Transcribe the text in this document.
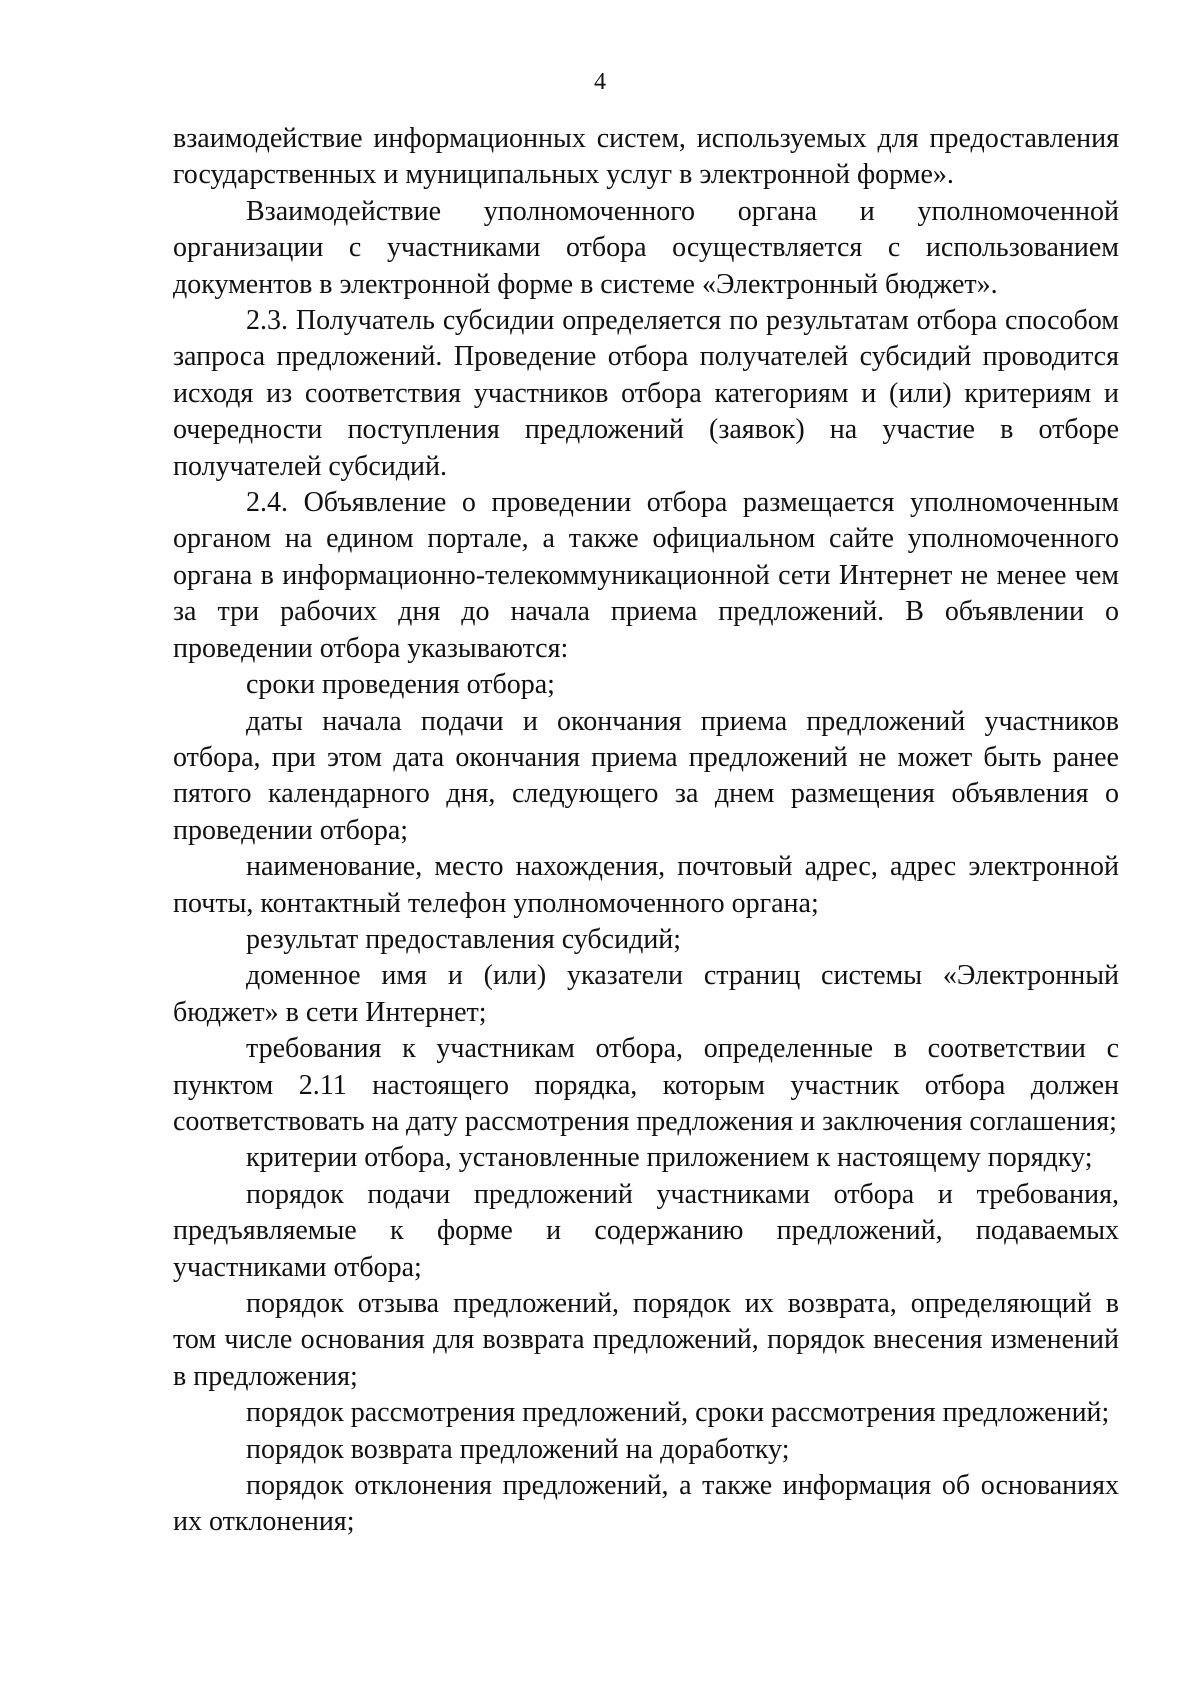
4

взаимодействие информационных систем, используемых для предоставления государственных и муниципальных услуг в электронной форме».

Взаимодействие уполномоченного органа и уполномоченной организации с участниками отбора осуществляется с использованием документов в электронной форме в системе «Электронный бюджет».

2.3. Получатель субсидии определяется по результатам отбора способом запроса предложений. Проведение отбора получателей субсидий проводится исходя из соответствия участников отбора категориям и (или) критериям и очередности поступления предложений (заявок) на участие в отборе получателей субсидий.

2.4. Объявление о проведении отбора размещается уполномоченным органом на едином портале, а также официальном сайте уполномоченного органа в информационно-телекоммуникационной сети Интернет не менее чем за три рабочих дня до начала приема предложений. В объявлении о проведении отбора указываются:

сроки проведения отбора;

даты начала подачи и окончания приема предложений участников отбора, при этом дата окончания приема предложений не может быть ранее пятого календарного дня, следующего за днем размещения объявления о проведении отбора;

наименование, место нахождения, почтовый адрес, адрес электронной почты, контактный телефон уполномоченного органа;

результат предоставления субсидий;

доменное имя и (или) указатели страниц системы «Электронный бюджет» в сети Интернет;

требования к участникам отбора, определенные в соответствии с пунктом 2.11 настоящего порядка, которым участник отбора должен соответствовать на дату рассмотрения предложения и заключения соглашения;

критерии отбора, установленные приложением к настоящему порядку;

порядок подачи предложений участниками отбора и требования, предъявляемые к форме и содержанию предложений, подаваемых участниками отбора;

порядок отзыва предложений, порядок их возврата, определяющий в том числе основания для возврата предложений, порядок внесения изменений в предложения;

порядок рассмотрения предложений, сроки рассмотрения предложений;

порядок возврата предложений на доработку;

порядок отклонения предложений, а также информация об основаниях их отклонения;
